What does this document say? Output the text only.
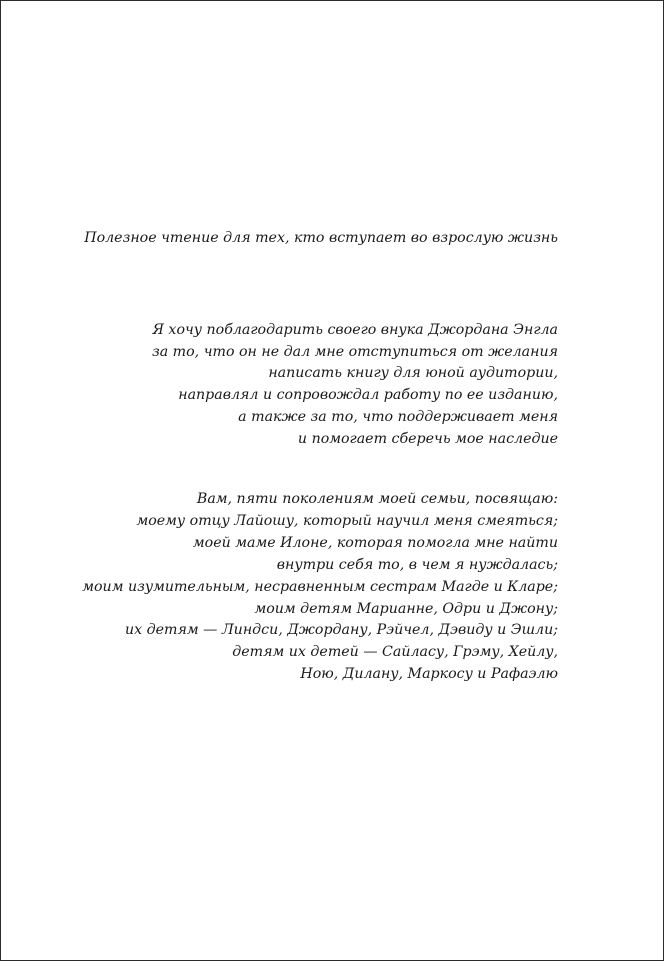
Полезное чтение для тех, кто вступает во взрослую жизнь
Я хочу поблагодарить своего внука Джордана Энгла
за то, что он не дал мне отступиться от желания
написать книгу для юной аудитории,
направлял и сопровождал работу по ее изданию,
а также за то, что поддерживает меня
и помогает сберечь мое наследие
Вам, пяти поколениям моей семьи, посвящаю:
моему отцу Лайошу, который научил меня смеяться;
моей маме Илоне, которая помогла мне найти
внутри себя то, в чем я нуждалась;
моим изумительным, несравненным сестрам Магде и Кларе;
моим детям Марианне, Одри и Джону;
их детям — Линдси, Джордану, Рэйчел, Дэвиду и Эшли;
детям их детей — Сайласу, Грэму, Хейлу,
Ною, Дилану, Маркосу и Рафаэлю
